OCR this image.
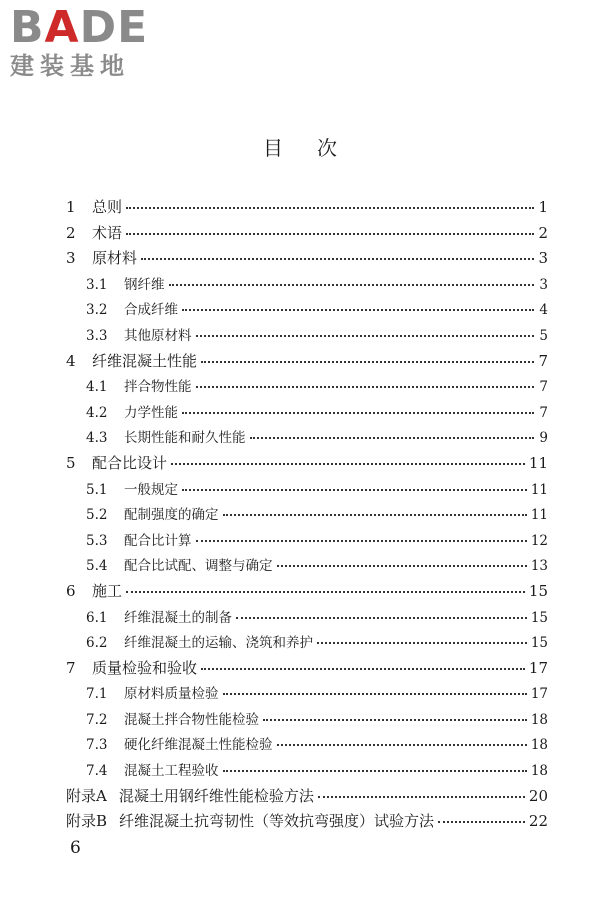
BADE
建装基地
目次
1	总则	1
2	术语	2
3	原材料	3
3.1	钢纤维	3
3.2	合成纤维	4
3.3	其他原材料	5
4	纤维混凝土性能	7
4.1	拌合物性能	7
4.2	力学性能	7
4.3	长期性能和耐久性能	9
5	配合比设计	11
5.1	一般规定	11
5.2	配制强度的确定	11
5.3	配合比计算	12
5.4	配合比试配、调整与确定	13
6	施工	15
6.1	纤维混凝土的制备	15
6.2	纤维混凝土的运输、浇筑和养护	15
7	质量检验和验收	17
7.1	原材料质量检验	17
7.2	混凝土拌合物性能检验	18
7.3	硬化纤维混凝土性能检验	18
7.4	混凝土工程验收	18
附录A 混凝土用钢纤维性能检验方法	20
附录B 纤维混凝土抗弯韧性（等效抗弯强度）试验方法	22
6
